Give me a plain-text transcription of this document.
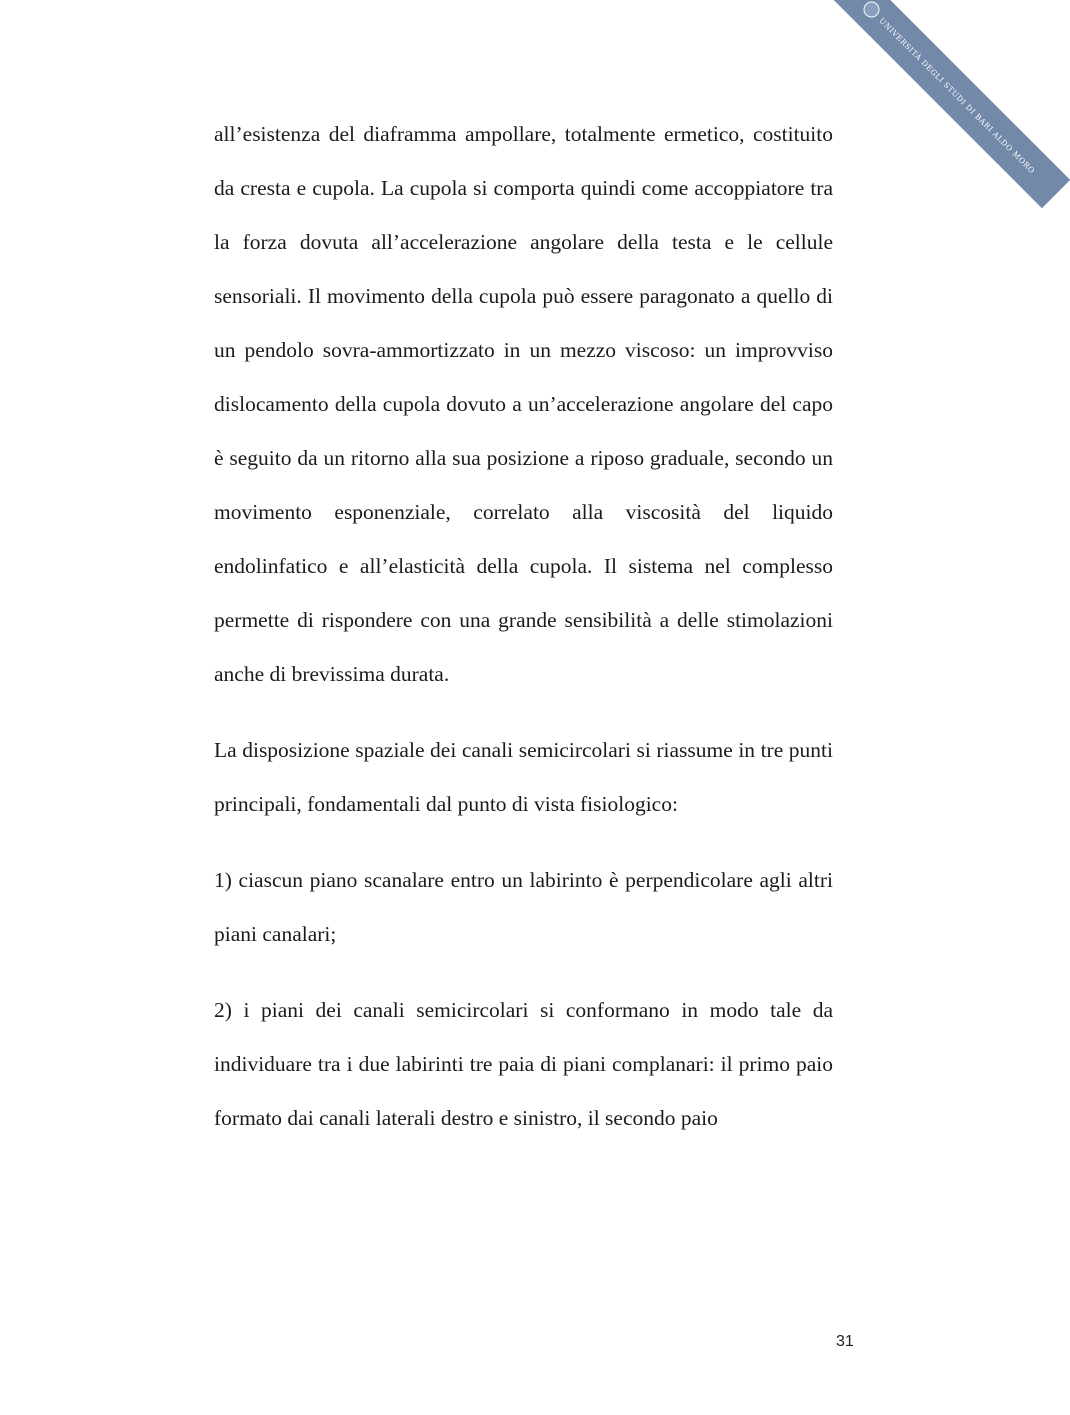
UNIVERSITÀ DEGLI STUDI DI BARI ALDO MORO

all’esistenza del diaframma ampollare, totalmente ermetico, costituito da cresta e cupola. La cupola si comporta quindi come accoppiatore tra la forza dovuta all’accelerazione angolare della testa e le cellule sensoriali. Il movimento della cupola può essere paragonato a quello di un pendolo sovra-ammortizzato in un mezzo viscoso: un improvviso dislocamento della cupola dovuto a un’accelerazione angolare del capo è seguito da un ritorno alla sua posizione a riposo graduale, secondo un movimento esponenziale, correlato alla viscosità del liquido endolinfatico e all’elasticità della cupola. Il sistema nel complesso permette di rispondere con una grande sensibilità a delle stimolazioni anche di brevissima durata.

La disposizione spaziale dei canali semicircolari si riassume in tre punti principali, fondamentali dal punto di vista fisiologico:

1) ciascun piano scanalare entro un labirinto è perpendicolare agli altri piani canalari;

2) i piani dei canali semicircolari si conformano in modo tale da individuare tra i due labirinti tre paia di piani complanari: il primo paio formato dai canali laterali destro e sinistro, il secondo paio

31
